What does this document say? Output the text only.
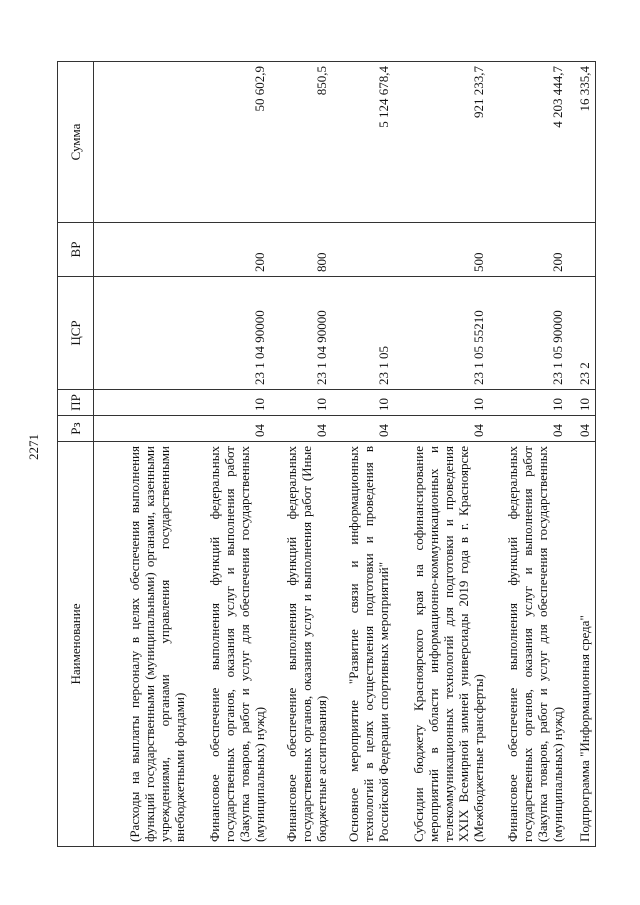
2271
Наименование	Рз	ПР	ЦСР	ВР	Сумма
(Расходы на выплаты персоналу в целях обеспечения выполнения функций государственными (муниципальными) органами, казенными учреждениями, органами управления государственными внебюджетными фондами)					
Финансовое обеспечение выполнения функций федеральных государственных органов, оказания услуг и выполнения работ (Закупка товаров, работ и услуг для обеспечения государственных (муниципальных) нужд)	04	10	23 1 04 90000	200	50 602,9
Финансовое обеспечение выполнения функций федеральных государственных органов, оказания услуг и выполнения работ (Иные бюджетные ассигнования)	04	10	23 1 04 90000	800	850,5
Основное мероприятие "Развитие связи и информационных технологий в целях осуществления подготовки и проведения в Российской Федерации спортивных мероприятий"	04	10	23 1 05		5 124 678,4
Субсидии бюджету Красноярского края на софинансирование мероприятий в области информационно-коммуникационных и телекоммуникационных технологий для подготовки и проведения XXIX Всемирной зимней универсиады 2019 года в г. Красноярске (Межбюджетные трансферты)	04	10	23 1 05 55210	500	921 233,7
Финансовое обеспечение выполнения функций федеральных государственных органов, оказания услуг и выполнения работ (Закупка товаров, работ и услуг для обеспечения государственных (муниципальных) нужд)	04	10	23 1 05 90000	200	4 203 444,7
Подпрограмма "Информационная среда"	04	10	23 2		16 335,4
